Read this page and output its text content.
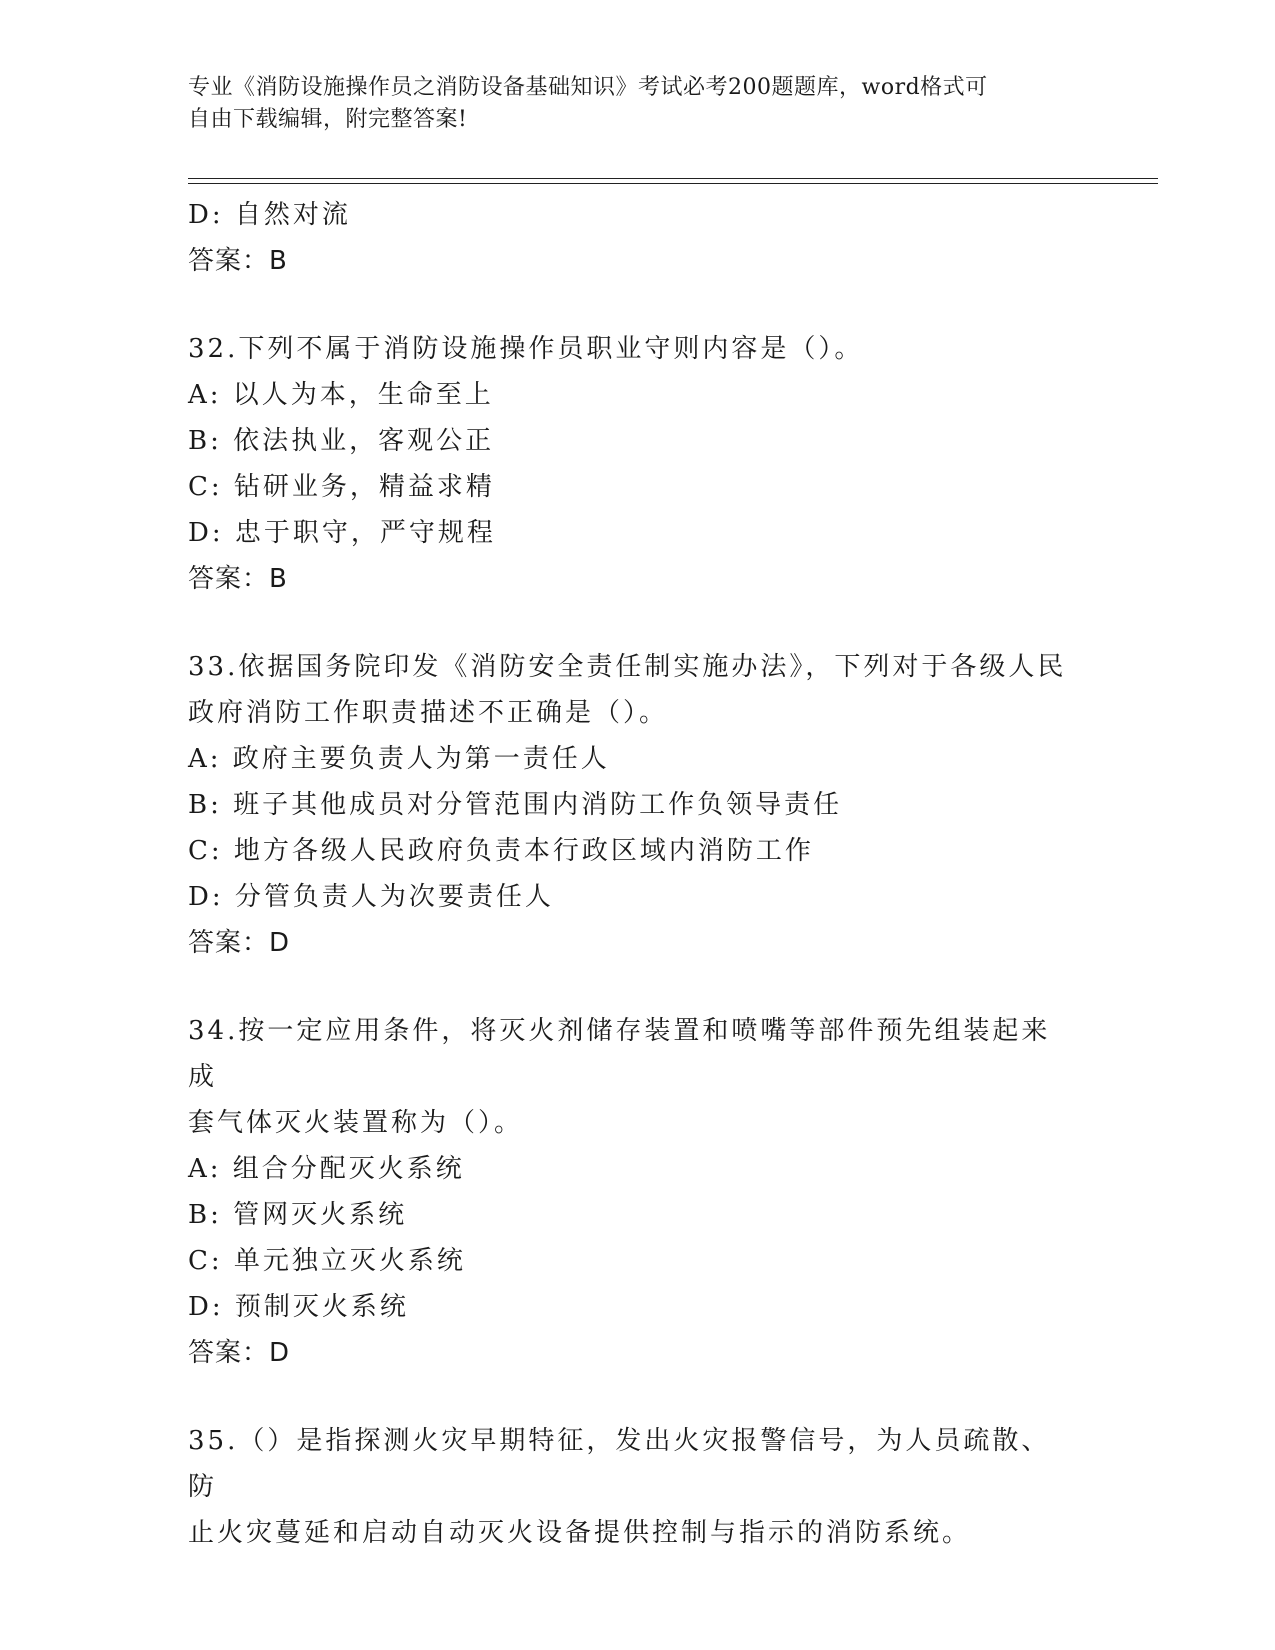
专业《消防设施操作员之消防设备基础知识》考试必考200题题库，word格式可
自由下载编辑，附完整答案!
D: 自然对流
答案：B
32.下列不属于消防设施操作员职业守则内容是（）。
A: 以人为本，生命至上
B: 依法执业，客观公正
C: 钻研业务，精益求精
D: 忠于职守，严守规程
答案：B
33.依据国务院印发《消防安全责任制实施办法》，下列对于各级人民
政府消防工作职责描述不正确是（）。
A: 政府主要负责人为第一责任人
B: 班子其他成员对分管范围内消防工作负领导责任
C: 地方各级人民政府负责本行政区域内消防工作
D: 分管负责人为次要责任人
答案：D
34.按一定应用条件，将灭火剂储存装置和喷嘴等部件预先组装起来成
套气体灭火装置称为（）。
A: 组合分配灭火系统
B: 管网灭火系统
C: 单元独立灭火系统
D: 预制灭火系统
答案：D
35.（）是指探测火灾早期特征，发出火灾报警信号，为人员疏散、防
止火灾蔓延和启动自动灭火设备提供控制与指示的消防系统。
